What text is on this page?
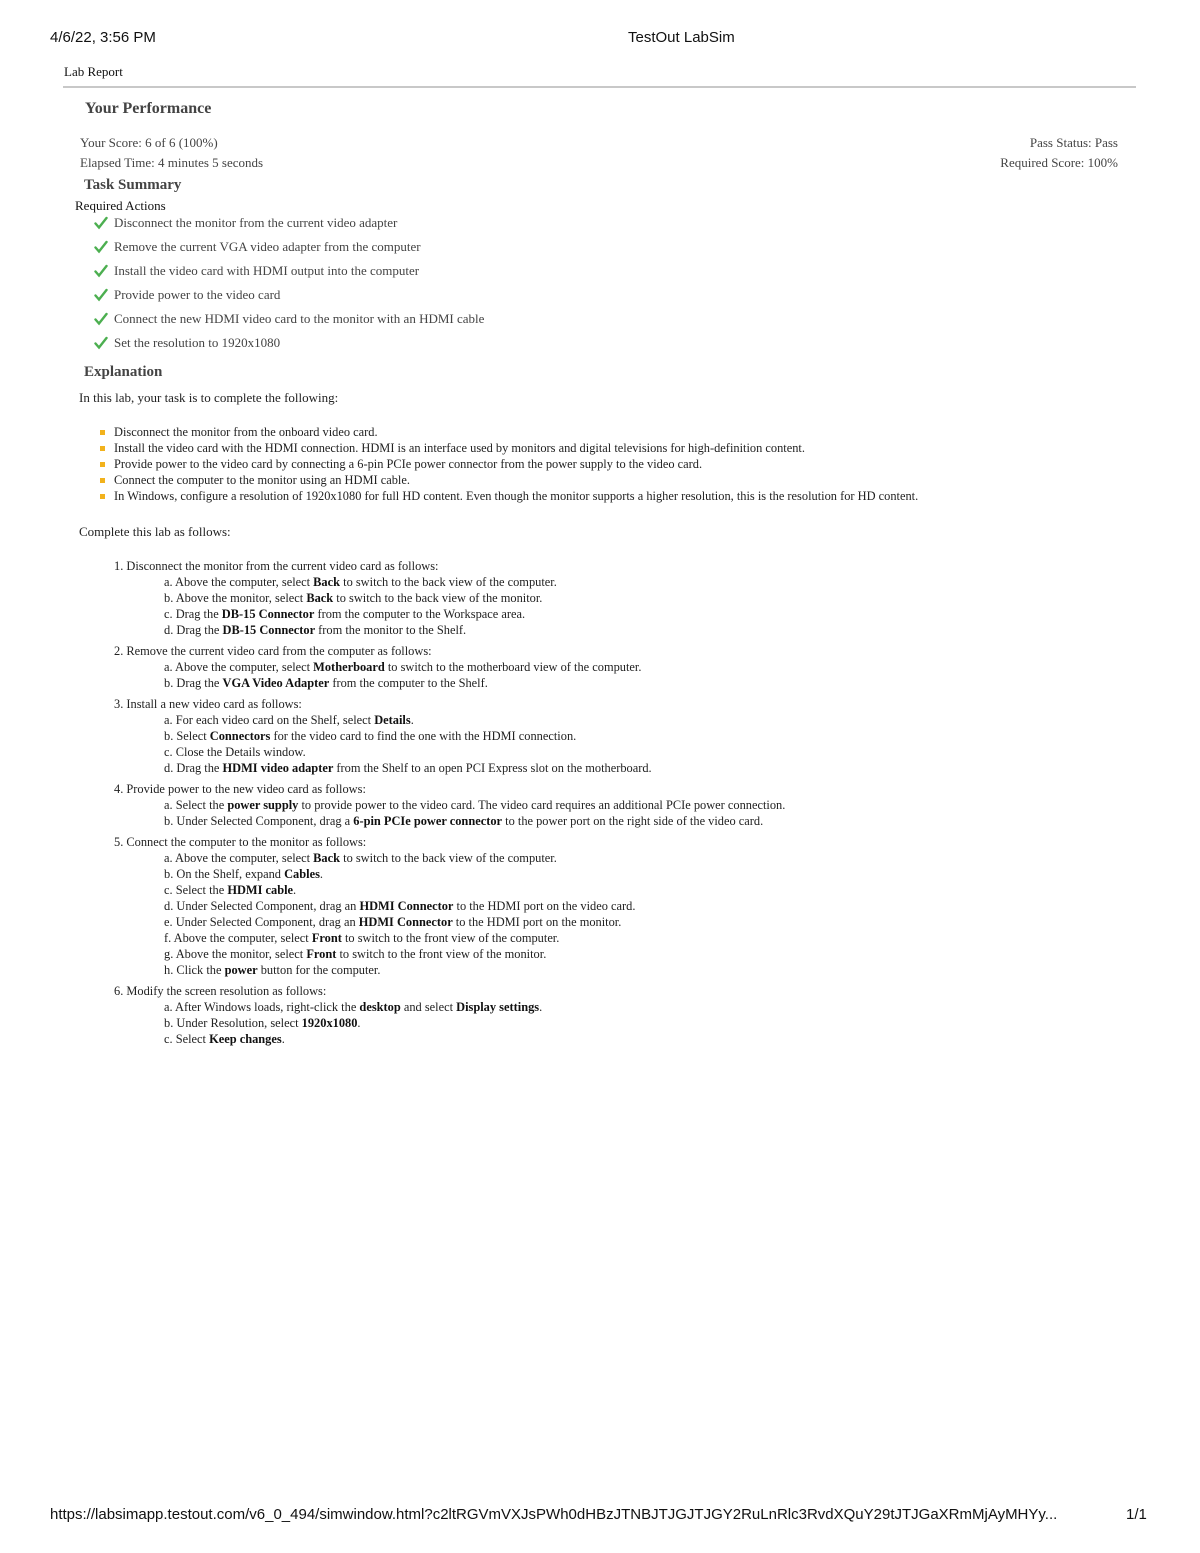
4/6/22, 3:56 PM	TestOut LabSim
Lab Report
Your Performance
Your Score: 6 of 6 (100%)
Elapsed Time: 4 minutes 5 seconds
Pass Status: Pass
Required Score: 100%
Task Summary
Required Actions
Disconnect the monitor from the current video adapter
Remove the current VGA video adapter from the computer
Install the video card with HDMI output into the computer
Provide power to the video card
Connect the new HDMI video card to the monitor with an HDMI cable
Set the resolution to 1920x1080
Explanation
In this lab, your task is to complete the following:
Disconnect the monitor from the onboard video card.
Install the video card with the HDMI connection. HDMI is an interface used by monitors and digital televisions for high-definition content.
Provide power to the video card by connecting a 6-pin PCIe power connector from the power supply to the video card.
Connect the computer to the monitor using an HDMI cable.
In Windows, configure a resolution of 1920x1080 for full HD content. Even though the monitor supports a higher resolution, this is the resolution for HD content.
Complete this lab as follows:
1. Disconnect the monitor from the current video card as follows:
a. Above the computer, select Back to switch to the back view of the computer.
b. Above the monitor, select Back to switch to the back view of the monitor.
c. Drag the DB-15 Connector from the computer to the Workspace area.
d. Drag the DB-15 Connector from the monitor to the Shelf.
2. Remove the current video card from the computer as follows:
a. Above the computer, select Motherboard to switch to the motherboard view of the computer.
b. Drag the VGA Video Adapter from the computer to the Shelf.
3. Install a new video card as follows:
a. For each video card on the Shelf, select Details.
b. Select Connectors for the video card to find the one with the HDMI connection.
c. Close the Details window.
d. Drag the HDMI video adapter from the Shelf to an open PCI Express slot on the motherboard.
4. Provide power to the new video card as follows:
a. Select the power supply to provide power to the video card. The video card requires an additional PCIe power connection.
b. Under Selected Component, drag a 6-pin PCIe power connector to the power port on the right side of the video card.
5. Connect the computer to the monitor as follows:
a. Above the computer, select Back to switch to the back view of the computer.
b. On the Shelf, expand Cables.
c. Select the HDMI cable.
d. Under Selected Component, drag an HDMI Connector to the HDMI port on the video card.
e. Under Selected Component, drag an HDMI Connector to the HDMI port on the monitor.
f. Above the computer, select Front to switch to the front view of the computer.
g. Above the monitor, select Front to switch to the front view of the monitor.
h. Click the power button for the computer.
6. Modify the screen resolution as follows:
a. After Windows loads, right-click the desktop and select Display settings.
b. Under Resolution, select 1920x1080.
c. Select Keep changes.
https://labsimapp.testout.com/v6_0_494/simwindow.html?c2ltRGVmVXJsPWh0dHBzJTNBJTJGJTJGY2RuLnRlc3RvdXQuY29tJTJGaXRmMjAyMHYy...	1/1
